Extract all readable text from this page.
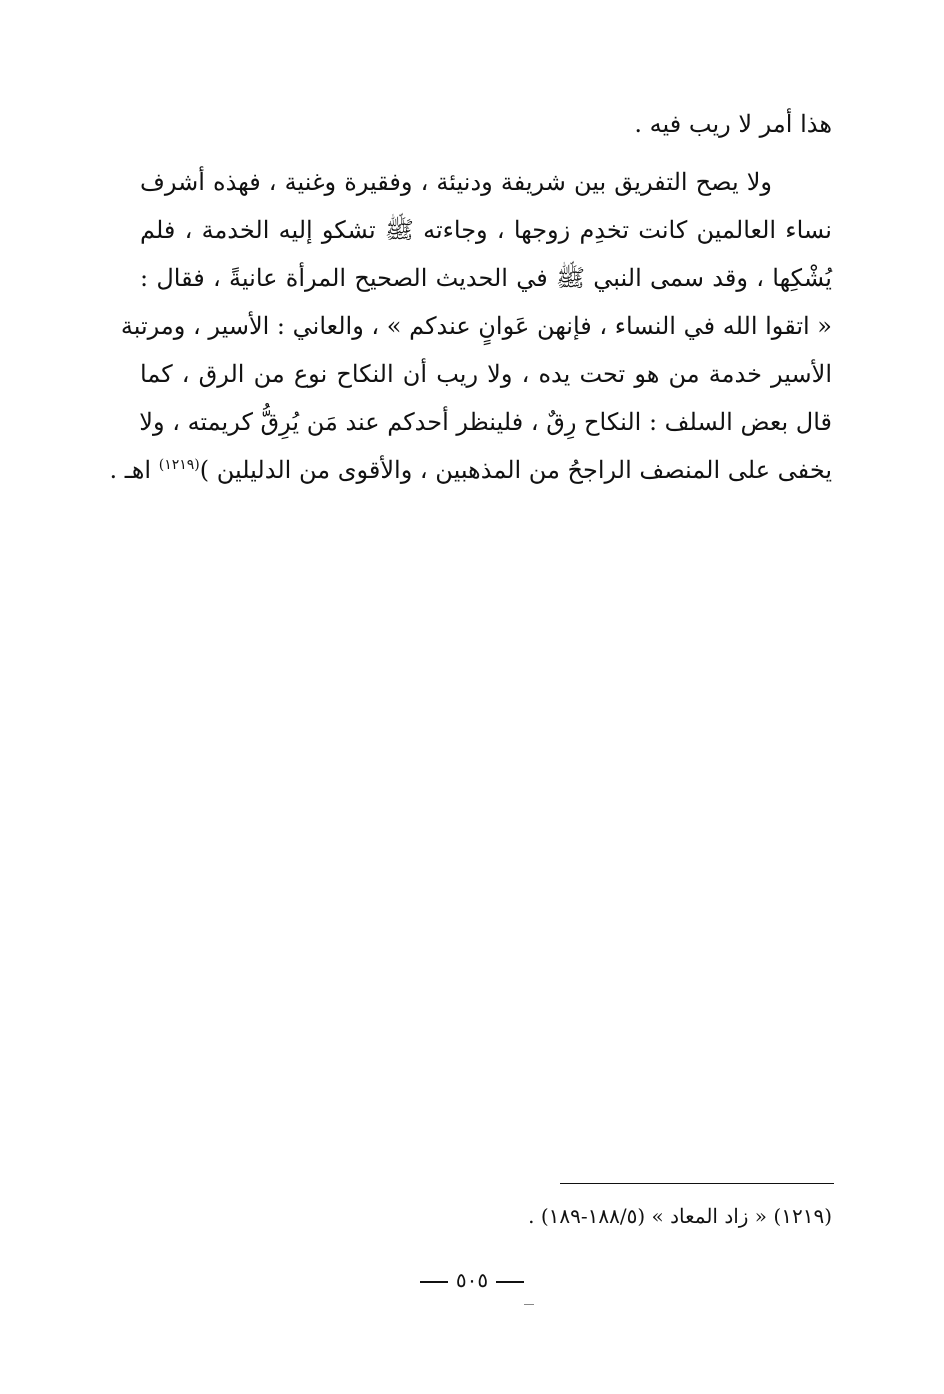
هذا أمر لا ريب فيه .
ولا يصح التفريق بين شريفة ودنيئة ، وفقيرة وغنية ، فهذه أشرف
نساء العالمين كانت تخدِم زوجها ، وجاءته ﷺ تشكو إليه الخدمة ، فلم
يُشْكِها ، وقد سمى النبي ﷺ في الحديث الصحيح المرأة عانيةً ، فقال :
« اتقوا الله في النساء ، فإنهن عَوانٍ عندكم » ، والعاني : الأسير ، ومرتبة
الأسير خدمة من هو تحت يده ، ولا ريب أن النكاح نوع من الرق ، كما
قال بعض السلف : النكاح رِقٌ ، فلينظر أحدكم عند مَن يُرِقُّ كريمته ، ولا
يخفى على المنصف الراجحُ من المذهبين ، والأقوى من الدليلين )$^{(١٢١٩)}$ اهـ .
(١٢١٩) « زاد المعاد » (١٨٨/٥-١٨٩) .
٥٠٥
